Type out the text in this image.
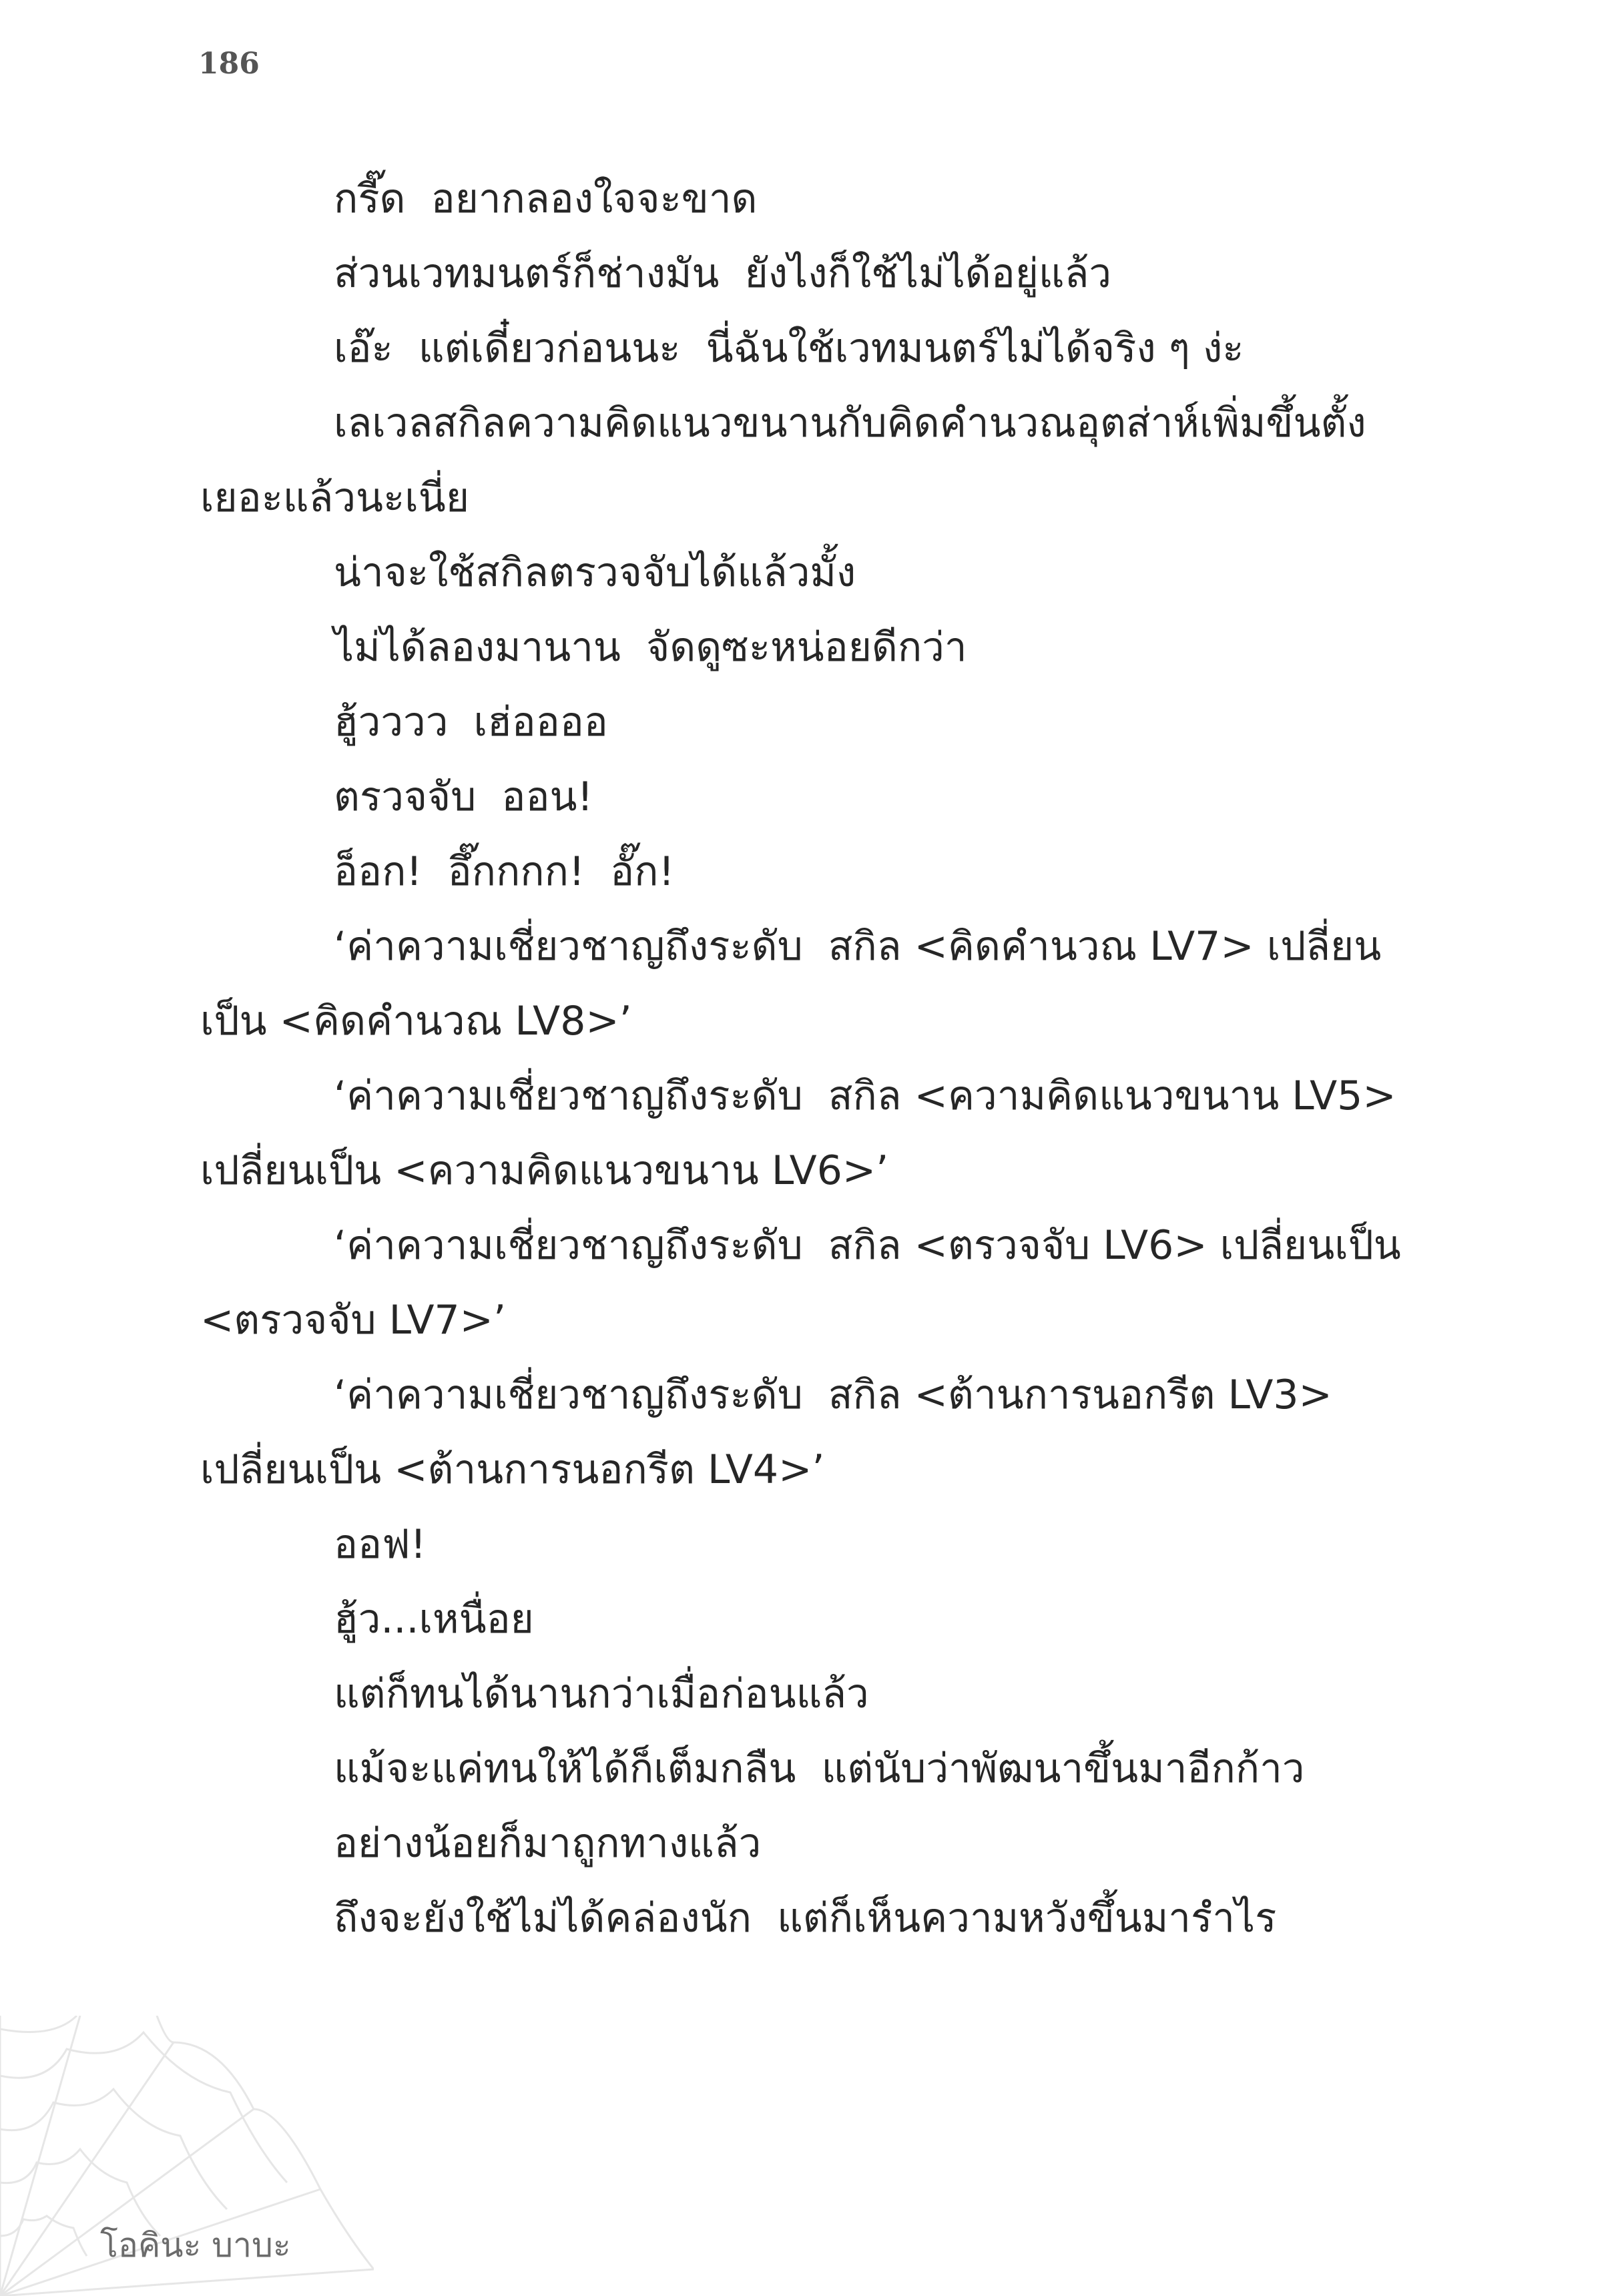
186

กรี๊ด  อยากลองใจจะขาด

ส่วนเวทมนตร์ก็ช่างมัน  ยังไงก็ใช้ไม่ได้อยู่แล้ว

เอ๊ะ  แต่เดี๋ยวก่อนนะ  นี่ฉันใช้เวทมนตร์ไม่ได้จริง ๆ ง่ะ

เลเวลสกิลความคิดแนวขนานกับคิดคำนวณอุตส่าห์เพิ่มขึ้นตั้งเยอะแล้วนะเนี่ย

น่าจะใช้สกิลตรวจจับได้แล้วมั้ง

ไม่ได้ลองมานาน  จัดดูซะหน่อยดีกว่า

ฮู้วววว  เฮ่ออออ

ตรวจจับ  ออน!

อ็อก!  อึ๊กกกก!  อั๊ก!

‘ค่าความเชี่ยวชาญถึงระดับ  สกิล <คิดคำนวณ LV7> เปลี่ยนเป็น <คิดคำนวณ LV8>’

‘ค่าความเชี่ยวชาญถึงระดับ  สกิล <ความคิดแนวขนาน LV5> เปลี่ยนเป็น <ความคิดแนวขนาน LV6>’

‘ค่าความเชี่ยวชาญถึงระดับ  สกิล <ตรวจจับ LV6> เปลี่ยนเป็น <ตรวจจับ LV7>’

‘ค่าความเชี่ยวชาญถึงระดับ  สกิล <ต้านการนอกรีต LV3> เปลี่ยนเป็น <ต้านการนอกรีต LV4>’

ออฟ!

ฮู้ว...เหนื่อย

แต่ก็ทนได้นานกว่าเมื่อก่อนแล้ว

แม้จะแค่ทนให้ได้ก็เต็มกลืน  แต่นับว่าพัฒนาขึ้นมาอีกก้าว

อย่างน้อยก็มาถูกทางแล้ว

ถึงจะยังใช้ไม่ได้คล่องนัก  แต่ก็เห็นความหวังขึ้นมารำไร

โอคินะ บาบะ
